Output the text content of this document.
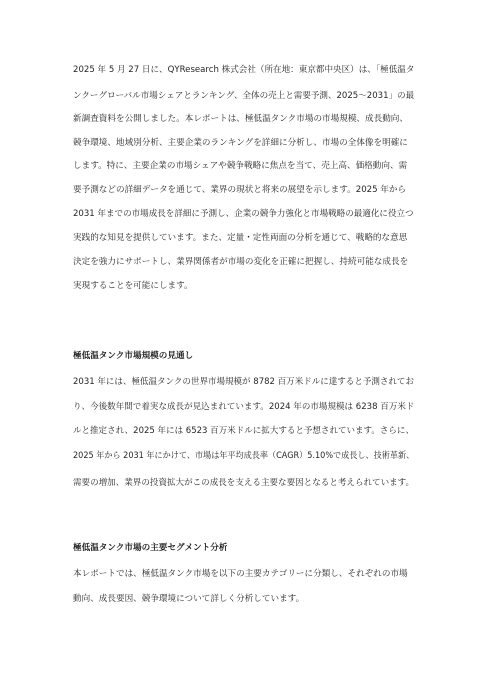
2025 年 5 月 27 日に、QYResearch 株式会社（所在地：東京都中央区）は、「極低温タ
ンクーグローバル市場シェアとランキング、全体の売上と需要予測、2025～2031」の最
新調査資料を公開しました。本レポートは、極低温タンク市場の市場規模、成長動向、
競争環境、地域別分析、主要企業のランキングを詳細に分析し、市場の全体像を明確に
します。特に、主要企業の市場シェアや競争戦略に焦点を当て、売上高、価格動向、需
要予測などの詳細データを通じて、業界の現状と将来の展望を示します。2025 年から
2031 年までの市場成長を詳細に予測し、企業の競争力強化と市場戦略の最適化に役立つ
実践的な知見を提供しています。また、定量・定性両面の分析を通じて、戦略的な意思
決定を強力にサポートし、業界関係者が市場の変化を正確に把握し、持続可能な成長を
実現することを可能にします。
極低温タンク市場規模の見通し
2031 年には、極低温タンクの世界市場規模が 8782 百万米ドルに達すると予測されてお
り、今後数年間で着実な成長が見込まれています。2024 年の市場規模は 6238 百万米ド
ルと推定され、2025 年には 6523 百万米ドルに拡大すると予想されています。さらに、
2025 年から 2031 年にかけて、市場は年平均成長率（CAGR）5.10%で成長し、技術革新、
需要の増加、業界の投資拡大がこの成長を支える主要な要因となると考えられています。
極低温タンク市場の主要セグメント分析
本レポートでは、極低温タンク市場を以下の主要カテゴリーに分類し、それぞれの市場
動向、成長要因、競争環境について詳しく分析しています。
